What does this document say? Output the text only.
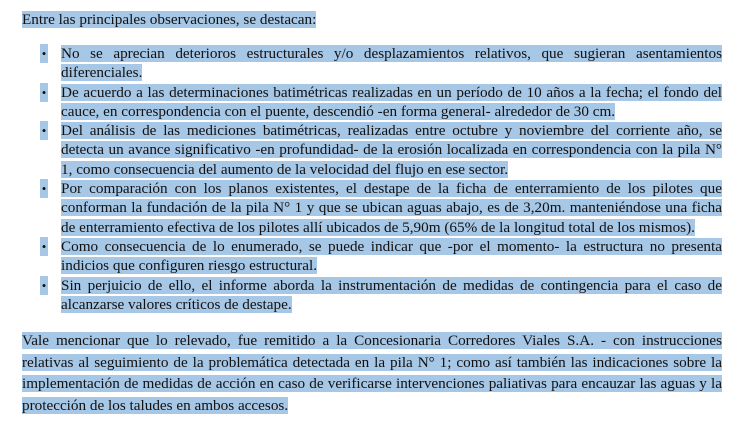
Entre las principales observaciones, se destacan:

• No se aprecian deterioros estructurales y/o desplazamientos relativos, que sugieran asentamientos diferenciales.
• De acuerdo a las determinaciones batimétricas realizadas en un período de 10 años a la fecha; el fondo del cauce, en correspondencia con el puente, descendió -en forma general- alrededor de 30 cm.
• Del análisis de las mediciones batimétricas, realizadas entre octubre y noviembre del corriente año, se detecta un avance significativo -en profundidad- de la erosión localizada en correspondencia con la pila N° 1, como consecuencia del aumento de la velocidad del flujo en ese sector.
• Por comparación con los planos existentes, el destape de la ficha de enterramiento de los pilotes que conforman la fundación de la pila N° 1 y que se ubican aguas abajo, es de 3,20m. manteniéndose una ficha de enterramiento efectiva de los pilotes allí ubicados de 5,90m (65% de la longitud total de los mismos).
• Como consecuencia de lo enumerado, se puede indicar que -por el momento- la estructura no presenta indicios que configuren riesgo estructural.
• Sin perjuicio de ello, el informe aborda la instrumentación de medidas de contingencia para el caso de alcanzarse valores críticos de destape.

Vale mencionar que lo relevado, fue remitido a la Concesionaria Corredores Viales S.A. - con instrucciones relativas al seguimiento de la problemática detectada en la pila N° 1; como así también las indicaciones sobre la implementación de medidas de acción en caso de verificarse intervenciones paliativas para encauzar las aguas y la protección de los taludes en ambos accesos.
